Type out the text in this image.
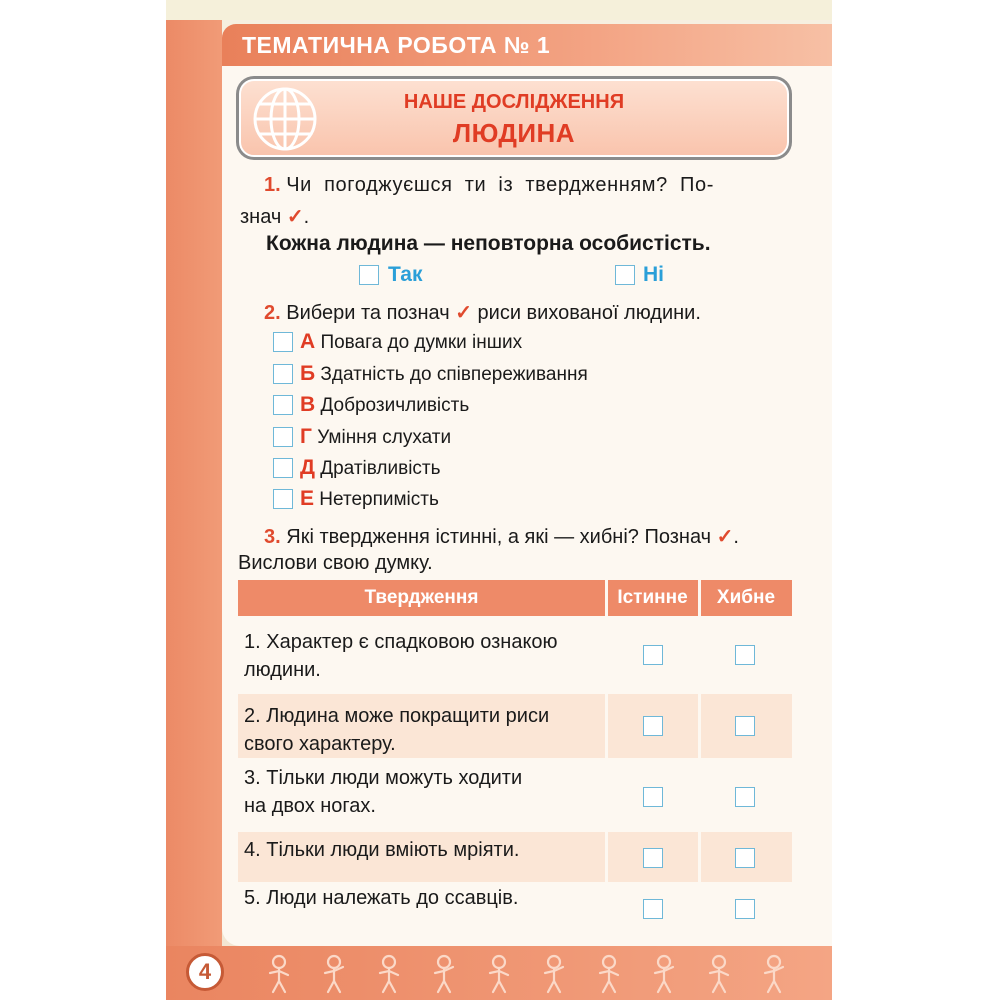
ТЕМАТИЧНА РОБОТА № 1
НАШЕ ДОСЛІДЖЕННЯ
ЛЮДИНА
1. Чи погоджуєшся ти із твердженням? По-
знач ✓.
Кожна людина — неповторна особистість.
Так	Ні
2. Вибери та познач ✓ риси вихованої людини.
А Повага до думки інших
Б Здатність до співпереживання
В Доброзичливість
Г Уміння слухати
Д Дратівливість
Е Нетерпимість
3. Які твердження істинні, а які — хибні? Познач ✓.
Вислови свою думку.
Твердження	Істинне	Хибне
1. Характер є спадковою ознакою
людини.
2. Людина може покращити риси
свого характеру.
3. Тільки люди можуть ходити
на двох ногах.
4. Тільки люди вміють мріяти.
5. Люди належать до ссавців.
4
